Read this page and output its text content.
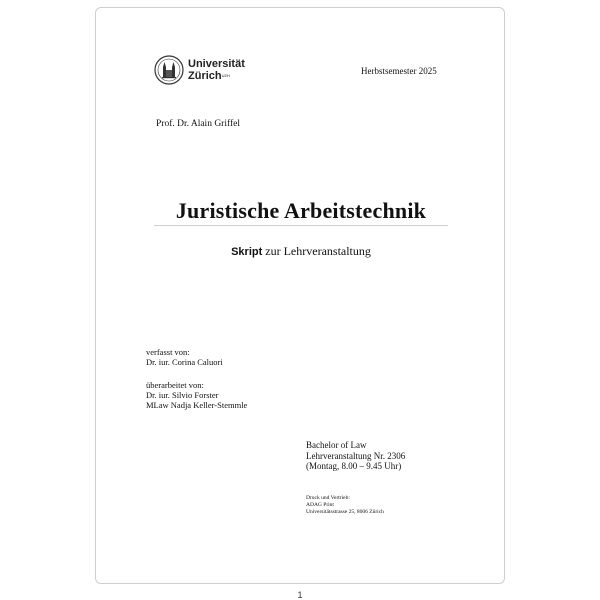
Universität
Zürich$^{UZH}$	Herbstsemester 2025
Prof. Dr. Alain Griffel
Juristische Arbeitstechnik
Skript zur Lehrveranstaltung
verfasst von:
Dr. iur. Corina Caluori
überarbeitet von:
Dr. iur. Silvio Forster
MLaw Nadja Keller-Stemmle
Bachelor of Law
Lehrveranstaltung Nr. 2306
(Montag, 8.00 – 9.45 Uhr)
Druck und Vertrieb:
ADAG Print
Universitätsstrasse 25, 8006 Zürich
1
